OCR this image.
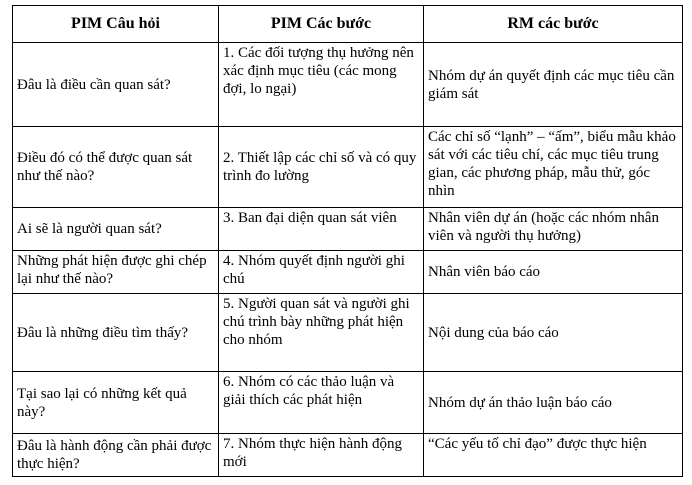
PIM Câu hỏi	PIM Các bước	RM các bước
Đâu là điều cần quan sát?	1. Các đối tượng thụ hưởng nên xác định mục tiêu (các mong đợi, lo ngại)	Nhóm dự án quyết định các mục tiêu cần giám sát
Điều đó có thể được quan sát như thế nào?	2. Thiết lập các chỉ số và có quy trình đo lường	Các chỉ số “lạnh” – “ấm”, biểu mẫu khảo sát với các tiêu chí, các mục tiêu trung gian, các phương pháp, mẫu thử, góc nhìn
Ai sẽ là người quan sát?	3. Ban đại diện quan sát viên	Nhân viên dự án (hoặc các nhóm nhân viên và người thụ hưởng)
Những phát hiện được ghi chép lại như thế nào?	4. Nhóm quyết định người ghi chú	Nhân viên báo cáo
Đâu là những điều tìm thấy?	5. Người quan sát và người ghi chú trình bày những phát hiện cho nhóm	Nội dung của báo cáo
Tại sao lại có những kết quả này?	6. Nhóm có các thảo luận và giải thích các phát hiện	Nhóm dự án thảo luận báo cáo
Đâu là hành động cần phải được thực hiện?	7. Nhóm thực hiện hành động mới	“Các yếu tố chỉ đạo” được thực hiện
